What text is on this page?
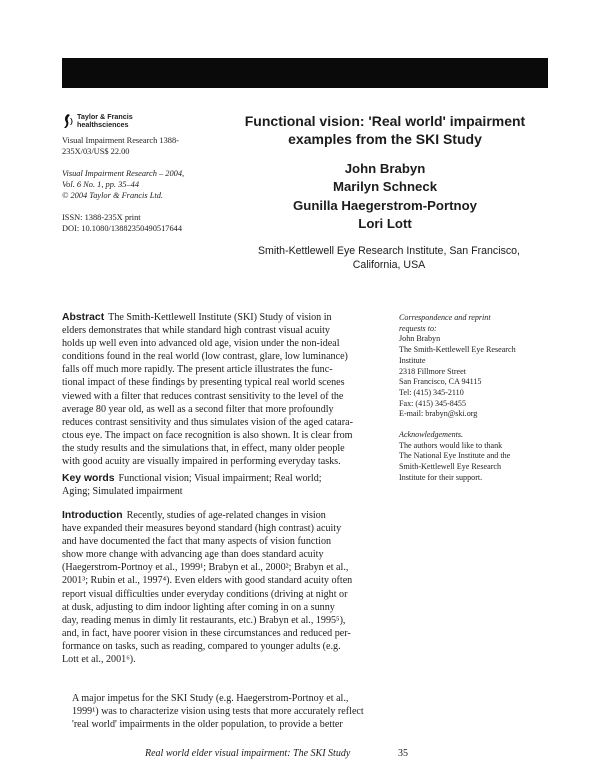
Taylor & Francis
healthsciences

Visual Impairment Research 1388-

235X/03/US$ 22.00

Visual Impairment Research – 2004,

Vol. 6 No. 1, pp. 35–44

© 2004 Taylor & Francis Ltd.

ISSN: 1388-235X print

DOI: 10.1080/13882350490517644

Functional vision: 'Real world' impairment
examples from the SKI Study
John Brabyn
Marilyn Schneck
Gunilla Haegerstrom-Portnoy
Lori Lott
Smith-Kettlewell Eye Research Institute, San Francisco,
California, USA

Abstract The Smith-Kettlewell Institute (SKI) Study of vision in
elders demonstrates that while standard high contrast visual acuity
holds up well even into advanced old age, vision under the non-ideal
conditions found in the real world (low contrast, glare, low luminance)
falls off much more rapidly. The present article illustrates the func-
tional impact of these findings by presenting typical real world scenes
viewed with a filter that reduces contrast sensitivity to the level of the
average 80 year old, as well as a second filter that more profoundly
reduces contrast sensitivity and thus simulates vision of the aged catara-
ctous eye. The impact on face recognition is also shown. It is clear from
the study results and the simulations that, in effect, many older people
with good acuity are visually impaired in performing everyday tasks.

Key words Functional vision; Visual impairment; Real world;
Aging; Simulated impairment

Introduction Recently, studies of age-related changes in vision
have expanded their measures beyond standard (high contrast) acuity
and have documented the fact that many aspects of vision function
show more change with advancing age than does standard acuity
(Haegerstrom-Portnoy et al., 1999¹; Brabyn et al., 2000²; Brabyn et al.,
2001³; Rubin et al., 1997⁴). Even elders with good standard acuity often
report visual difficulties under everyday conditions (driving at night or
at dusk, adjusting to dim indoor lighting after coming in on a sunny
day, reading menus in dimly lit restaurants, etc.) Brabyn et al., 1995⁵),
and, in fact, have poorer vision in these circumstances and reduced per-
formance on tasks, such as reading, compared to younger adults (e.g.
Lott et al., 2001⁶).

A major impetus for the SKI Study (e.g. Haegerstrom-Portnoy et al.,
1999¹) was to characterize vision using tests that more accurately reflect
'real world' impairments in the older population, to provide a better

Correspondence and reprint

requests to:

John Brabyn

The Smith-Kettlewell Eye Research

Institute

2318 Fillmore Street

San Francisco, CA 94115

Tel: (415) 345-2110

Fax: (415) 345-8455

E-mail: brabyn@ski.org

Acknowledgements.

The authors would like to thank

The National Eye Institute and the

Smith-Kettlewell Eye Research

Institute for their support.

Real world elder visual impairment: The SKI Study	35
